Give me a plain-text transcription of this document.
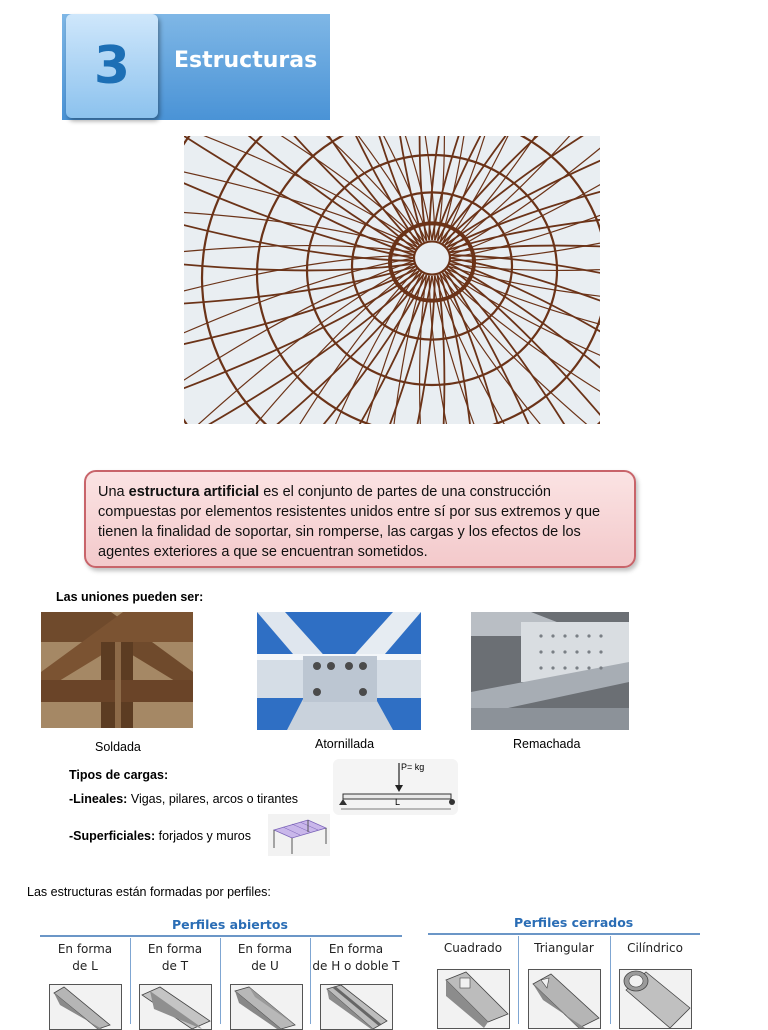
3 Estructuras
Una estructura artificial es el conjunto de partes de una construcción compuestas por elementos resistentes unidos entre sí por sus extremos y que tienen la finalidad de soportar, sin romperse, las cargas y los efectos de los agentes exteriores a que se encuentran sometidos.
Las uniones pueden ser:
Soldada	Atornillada	Remachada
Tipos de cargas:
-Lineales: Vigas, pilares, arcos o tirantes
-Superficiales: forjados y muros
P= kg
L
Las estructuras están formadas por perfiles:
Perfiles abiertos
En forma
de L
En forma
de T
En forma
de U
En forma
de H o doble T
Perfiles cerrados
Cuadrado	Triangular	Cilíndrico
